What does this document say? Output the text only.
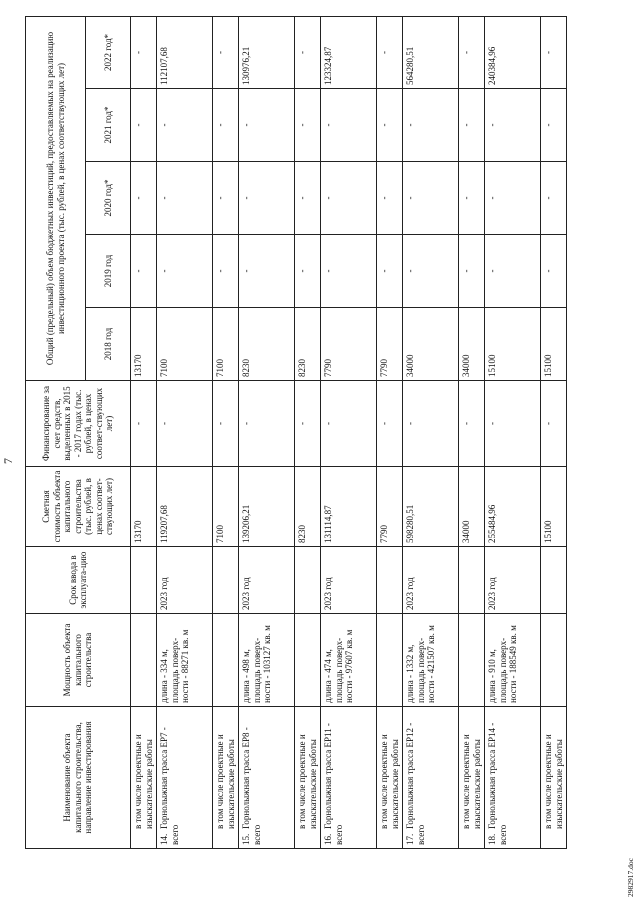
7
Наименование объекта капитального строительства, направление инвестирования	Мощность объекта капитального строительства	Срок ввода в эксплуата-цию	Сметная стоимость объекта капитального строительства (тыс. рублей, в ценах соответ-ствующих лет)	Финансирование за счет средств, выделенных в 2015 - 2017 годах (тыс. рублей, в ценах соответ-ствующих лет)	Общий (предельный) объем бюджетных инвестиций, предоставляемых на реализацию инвестиционного проекта (тыс. рублей, в ценах соответствующих лет)				
					2018 год	2019 год	2020 год*	2021 год*	2022 год*

в том числе проектные и изыскательские работы			13170	-	13170	-	-	-	-
14.Горнолыжная трасса ЕР7 - всего	длина - 334 м, площадь поверх-ности - 88271 кв. м	2023 год	119207,68	-	7100	-	-	-	112107,68

в том числе проектные и изыскательские работы			7100	-	7100	-	-	-	-
15.Горнолыжная трасса ЕР8 - всего	длина - 498 м, площадь поверх-ности - 103127 кв. м	2023 год	139206,21	-	8230	-	-	-	130976,21

в том числе проектные и изыскательские работы			8230	-	8230	-	-	-	-
16.Горнолыжная трасса ЕР11 - всего	длина - 474 м, площадь поверх-ности - 97607 кв. м	2023 год	131114,87	-	7790	-	-	-	123324,87

в том числе проектные и изыскательские работы			7790	-	7790	-	-	-	-
17.Горнолыжная трасса ЕР12 - всего	длина - 1332 м, площадь поверх-ности - 421507 кв. м	2023 год	598280,51	-	34000	-	-	-	564280,51

в том числе проектные и изыскательские работы			34000	-	34000	-	-	-	-
18.Горнолыжная трасса ЕР14 - всего	длина - 910 м, площадь поверх-ности - 188549 кв. м	2023 год	255484,96	-	15100	-	-	-	240384,96

в том числе проектные и изыскательские работы			15100	-	15100	-	-	-	-
2982917.doc
